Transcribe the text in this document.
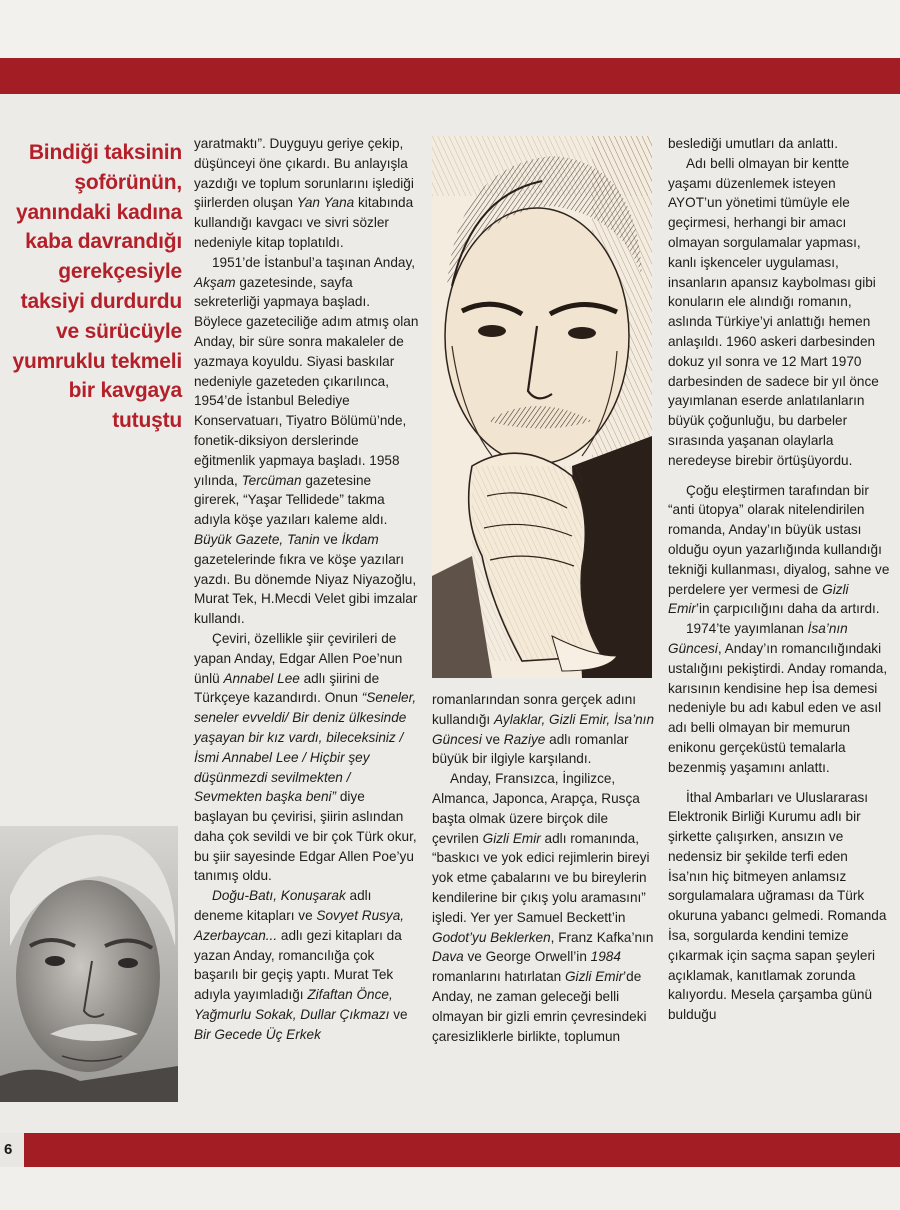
Bindiği taksinin şoförünün, yanındaki kadına kaba davrandığı gerekçesiyle taksiyi durdurdu ve sürücüyle yumruklu tekmeli bir kavgaya tutuştu

yaratmaktı”. Duyguyu geriye çekip, düşünceyi öne çıkardı. Bu anlayışla yazdığı ve toplum sorunlarını işlediği şiirlerden oluşan Yan Yana kitabında kullandığı kavgacı ve sivri sözler nedeniyle kitap toplatıldı.

1951’de İstanbul’a taşınan Anday, Akşam gazetesinde, sayfa sekreterliği yapmaya başladı. Böylece gazeteciliğe adım atmış olan Anday, bir süre sonra makaleler de yazmaya koyuldu. Siyasi baskılar nedeniyle gazeteden çıkarılınca, 1954’de İstanbul Belediye Konservatuarı, Tiyatro Bölümü’nde, fonetik-diksiyon derslerinde eğitmenlik yapmaya başladı. 1958 yılında, Tercüman gazetesine girerek, “Yaşar Tellidede” takma adıyla köşe yazıları kaleme aldı. Büyük Gazete, Tanin ve İkdam gazetelerinde fıkra ve köşe yazıları yazdı. Bu dönemde Niyaz Niyazoğlu, Murat Tek, H.Mecdi Velet gibi imzalar kullandı.

Çeviri, özellikle şiir çevirileri de yapan Anday, Edgar Allen Poe’nun ünlü Annabel Lee adlı şiirini de Türkçeye kazandırdı. Onun “Seneler, seneler evveldi/ Bir deniz ülkesinde yaşayan bir kız vardı, bileceksiniz / İsmi Annabel Lee / Hiçbir şey düşünmezdi sevilmekten / Sevmekten başka beni” diye başlayan bu çevirisi, şiirin aslından daha çok sevildi ve bir çok Türk okur, bu şiir sayesinde Edgar Allen Poe’yu tanımış oldu.

Doğu-Batı, Konuşarak adlı deneme kitapları ve Sovyet Rusya, Azerbaycan... adlı gezi kitapları da yazan Anday, romancılığa çok başarılı bir geçiş yaptı. Murat Tek adıyla yayımladığı Zifaftan Önce, Yağmurlu Sokak, Dullar Çıkmazı ve Bir Gecede Üç Erkek

romanlarından sonra gerçek adını kullandığı Aylaklar, Gizli Emir, İsa’nın Güncesi ve Raziye adlı romanlar büyük bir ilgiyle karşılandı.

Anday, Fransızca, İngilizce, Almanca, Japonca, Arapça, Rusça başta olmak üzere birçok dile çevrilen Gizli Emir adlı romanında, “baskıcı ve yok edici rejimlerin bireyi yok etme çabalarını ve bu bireylerin kendilerine bir çıkış yolu aramasını” işledi. Yer yer Samuel Beckett’in Godot’yu Beklerken, Franz Kafka’nın Dava ve George Orwell’in 1984 romanlarını hatırlatan Gizli Emir’de Anday, ne zaman geleceği belli olmayan bir gizli emrin çevresindeki çaresizliklerle birlikte, toplumun

beslediği umutları da anlattı.

Adı belli olmayan bir kentte yaşamı düzenlemek isteyen AYOT’un yönetimi tümüyle ele geçirmesi, herhangi bir amacı olmayan sorgulamalar yapması, kanlı işkenceler uygulaması, insanların apansız kaybolması gibi konuların ele alındığı romanın, aslında Türkiye’yi anlattığı hemen anlaşıldı. 1960 askeri darbesinden dokuz yıl sonra ve 12 Mart 1970 darbesinden de sadece bir yıl önce yayımlanan eserde anlatılanların büyük çoğunluğu, bu darbeler sırasında yaşanan olaylarla neredeyse birebir örtüşüyordu.

Çoğu eleştirmen tarafından bir “anti ütopya” olarak nitelendirilen romanda, Anday’ın büyük ustası olduğu oyun yazarlığında kullandığı tekniği kullanması, diyalog, sahne ve perdelere yer vermesi de Gizli Emir’in çarpıcılığını daha da artırdı.

1974’te yayımlanan İsa’nın Güncesi, Anday’ın romancılığındaki ustalığını pekiştirdi. Anday romanda, karısının kendisine hep İsa demesi nedeniyle bu adı kabul eden ve asıl adı belli olmayan bir memurun enikonu gerçeküstü temalarla bezenmiş yaşamını anlattı.

İthal Ambarları ve Uluslararası Elektronik Birliği Kurumu adlı bir şirkette çalışırken, ansızın ve nedensiz bir şekilde terfi eden İsa’nın hiç bitmeyen anlamsız sorgulamalara uğraması da Türk okuruna yabancı gelmedi. Romanda İsa, sorgularda kendini temize çıkarmak için saçma sapan şeyleri açıklamak, kanıtlamak zorunda kalıyordu. Mesela çarşamba günü bulduğu

6
